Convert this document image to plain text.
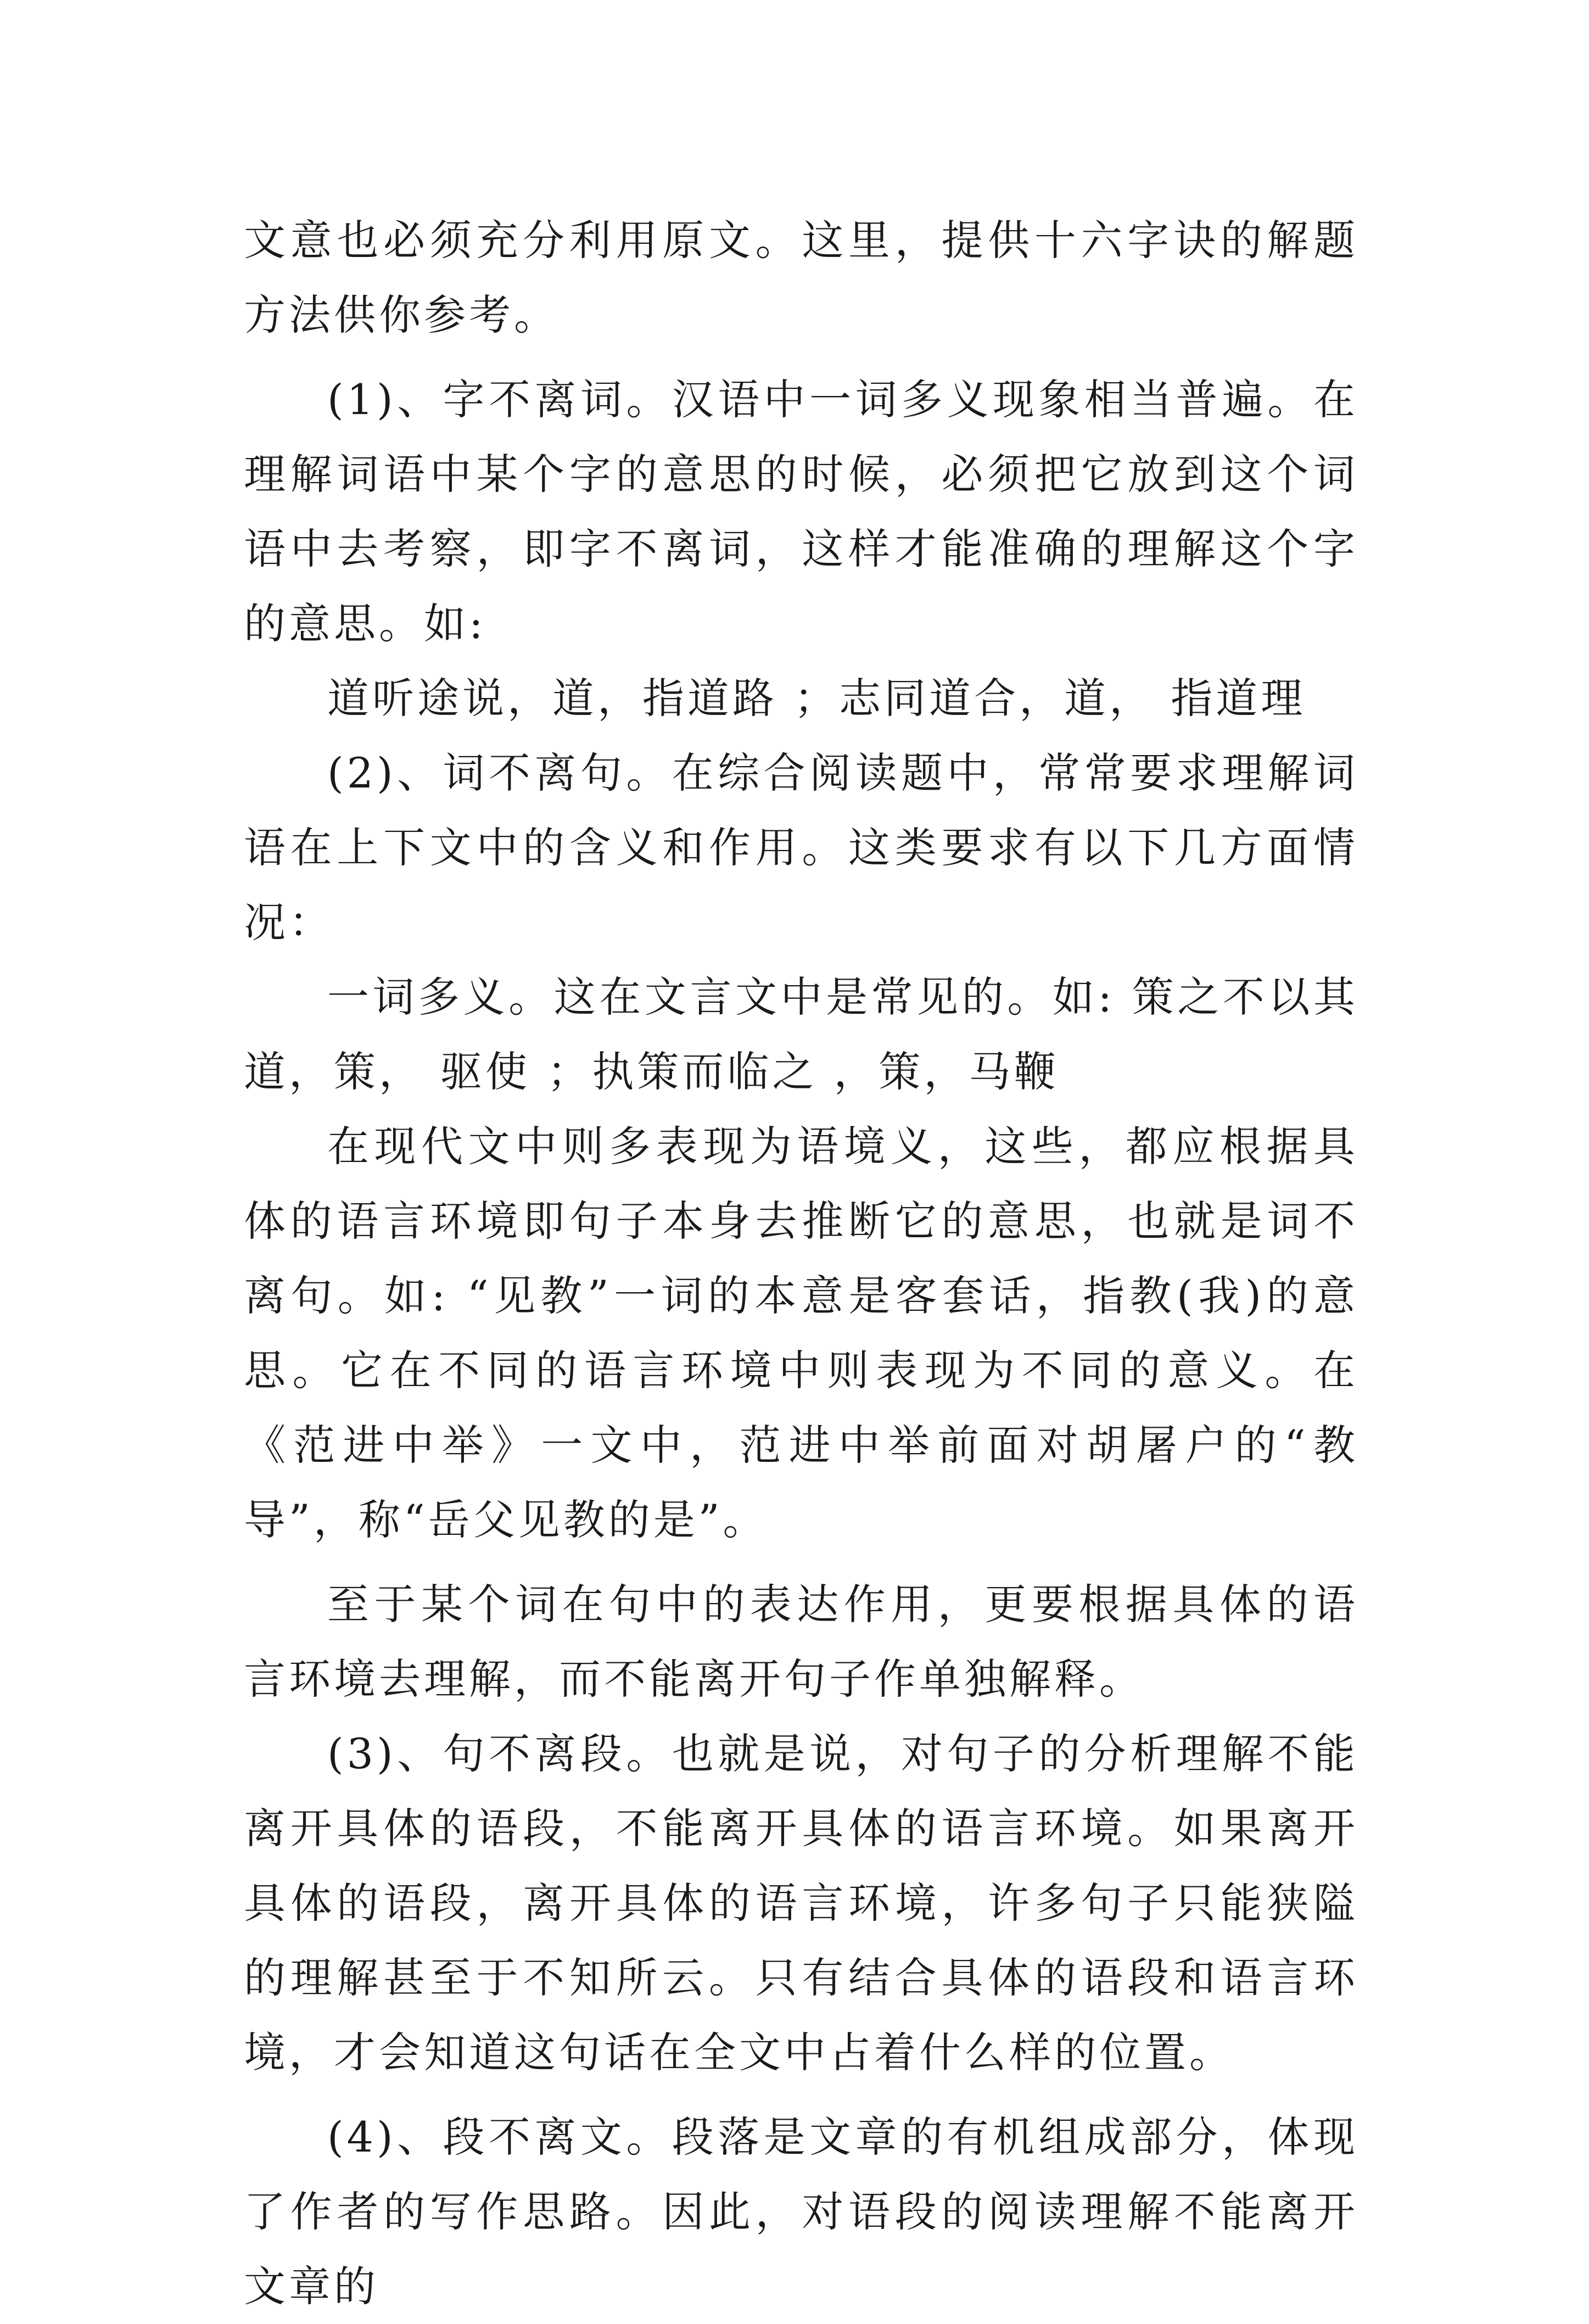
文意也必须充分利用原文。这里，提供十六字诀的解题方法供你参考。

(1)、字不离词。汉语中一词多义现象相当普遍。在理解词语中某个字的意思的时候，必须把它放到这个词语中去考察，即字不离词，这样才能准确的理解这个字的意思。如:

道听途说，道，指道路 ；志同道合，道， 指道理

(2)、词不离句。在综合阅读题中，常常要求理解词语在上下文中的含义和作用。这类要求有以下几方面情况：

一词多义。这在文言文中是常见的。如: 策之不以其道，策， 驱使 ；执策而临之 ，策，马鞭

在现代文中则多表现为语境义，这些，都应根据具体的语言环境即句子本身去推断它的意思，也就是词不离句。如: “见教”一词的本意是客套话，指教(我)的意思。它在不同的语言环境中则表现为不同的意义。在《范进中举》一文中，范进中举前面对胡屠户的“教导”，称“岳父见教的是”。

至于某个词在句中的表达作用，更要根据具体的语言环境去理解，而不能离开句子作单独解释。

(3)、句不离段。也就是说，对句子的分析理解不能离开具体的语段，不能离开具体的语言环境。如果离开具体的语段，离开具体的语言环境，许多句子只能狭隘的理解甚至于不知所云。只有结合具体的语段和语言环境，才会知道这句话在全文中占着什么样的位置。

(4)、段不离文。段落是文章的有机组成部分，体现了作者的写作思路。因此，对语段的阅读理解不能离开文章的
